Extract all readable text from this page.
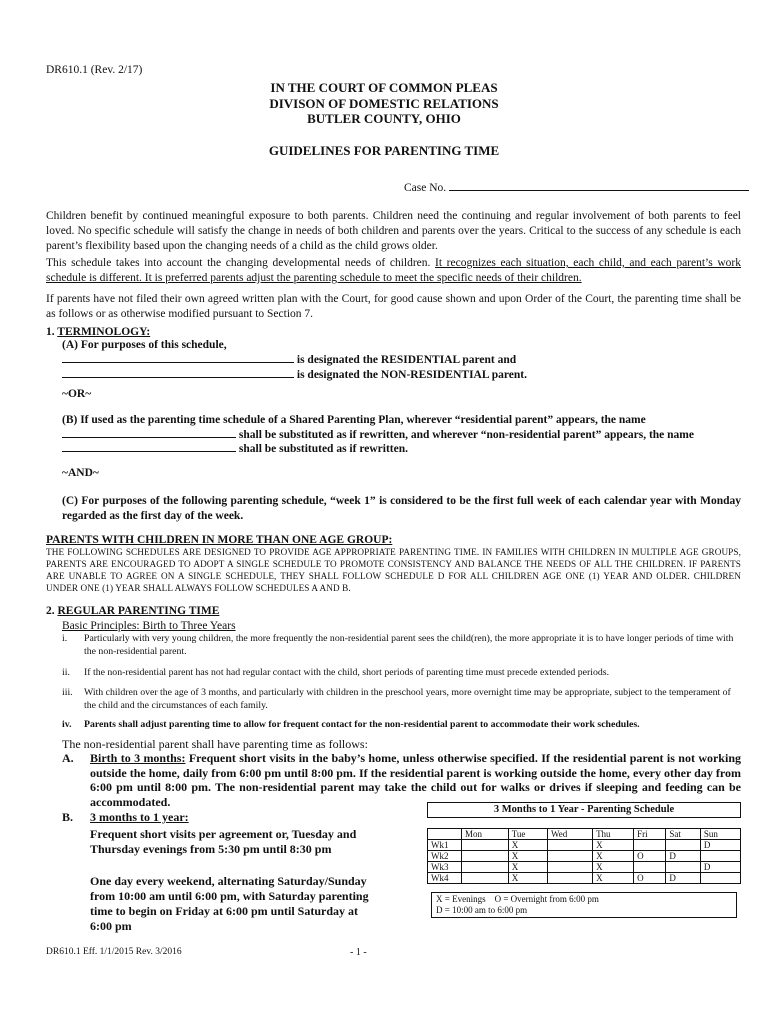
DR610.1 (Rev. 2/17)
IN THE COURT OF COMMON PLEAS
DIVISON OF DOMESTIC RELATIONS
BUTLER COUNTY, OHIO
GUIDELINES FOR PARENTING TIME
Case No.
Children benefit by continued meaningful exposure to both parents. Children need the continuing and regular involvement of both parents to feel loved. No specific schedule will satisfy the change in needs of both children and parents over the years. Critical to the success of any schedule is each parent’s flexibility based upon the changing needs of a child as the child grows older.
This schedule takes into account the changing developmental needs of children. It recognizes each situation, each child, and each parent’s work schedule is different. It is preferred parents adjust the parenting schedule to meet the specific needs of their children.
If parents have not filed their own agreed written plan with the Court, for good cause shown and upon Order of the Court, the parenting time shall be as follows or as otherwise modified pursuant to Section 7.
1. TERMINOLOGY:
(A) For purposes of this schedule,
is designated the RESIDENTIAL parent and
is designated the NON-RESIDENTIAL parent.
~OR~
(B) If used as the parenting time schedule of a Shared Parenting Plan, wherever “residential parent” appears, the name
shall be substituted as if rewritten, and wherever “non-residential parent” appears, the name
shall be substituted as if rewritten.
~AND~
(C) For purposes of the following parenting schedule, “week 1” is considered to be the first full week of each calendar year with Monday regarded as the first day of the week.
PARENTS WITH CHILDREN IN MORE THAN ONE AGE GROUP:
THE FOLLOWING SCHEDULES ARE DESIGNED TO PROVIDE AGE APPROPRIATE PARENTING TIME. IN FAMILIES WITH CHILDREN IN MULTIPLE AGE GROUPS, PARENTS ARE ENCOURAGED TO ADOPT A SINGLE SCHEDULE TO PROMOTE CONSISTENCY AND BALANCE THE NEEDS OF ALL THE CHILDREN. IF PARENTS ARE UNABLE TO AGREE ON A SINGLE SCHEDULE, THEY SHALL FOLLOW SCHEDULE D FOR ALL CHILDREN AGE ONE (1) YEAR AND OLDER. CHILDREN UNDER ONE (1) YEAR SHALL ALWAYS FOLLOW SCHEDULES A AND B.
2. REGULAR PARENTING TIME
Basic Principles: Birth to Three Years
i.	Particularly with very young children, the more frequently the non-residential parent sees the child(ren), the more appropriate it is to have longer periods of time with the non-residential parent.
ii.	If the non-residential parent has not had regular contact with the child, short periods of parenting time must precede extended periods.
iii.	With children over the age of 3 months, and particularly with children in the preschool years, more overnight time may be appropriate, subject to the temperament of the child and the circumstances of each family.
iv.	Parents shall adjust parenting time to allow for frequent contact for the non-residential parent to accommodate their work schedules.
The non-residential parent shall have parenting time as follows:
A. Birth to 3 months: Frequent short visits in the baby’s home, unless otherwise specified. If the residential parent is not working outside the home, daily from 6:00 pm until 8:00 pm. If the residential parent is working outside the home, every other day from 6:00 pm until 8:00 pm. The non-residential parent may take the child out for walks or drives if sleeping and feeding can be accommodated.
B. 3 months to 1 year:
Frequent short visits per agreement or, Tuesday and Thursday evenings from 5:30 pm until 8:30 pm
One day every weekend, alternating Saturday/Sunday from 10:00 am until 6:00 pm, with Saturday parenting time to begin on Friday at 6:00 pm until Saturday at 6:00 pm
3 Months to 1 Year - Parenting Schedule
	Mon	Tue	Wed	Thu	Fri	Sat	Sun
Wk1		X		X			D
Wk2		X		X	O	D	
Wk3		X		X			D
Wk4		X		X	O	D	
X = Evenings    O = Overnight from 6:00 pm
D = 10:00 am to 6:00 pm
DR610.1 Eff. 1/1/2015 Rev. 3/2016	- 1 -
